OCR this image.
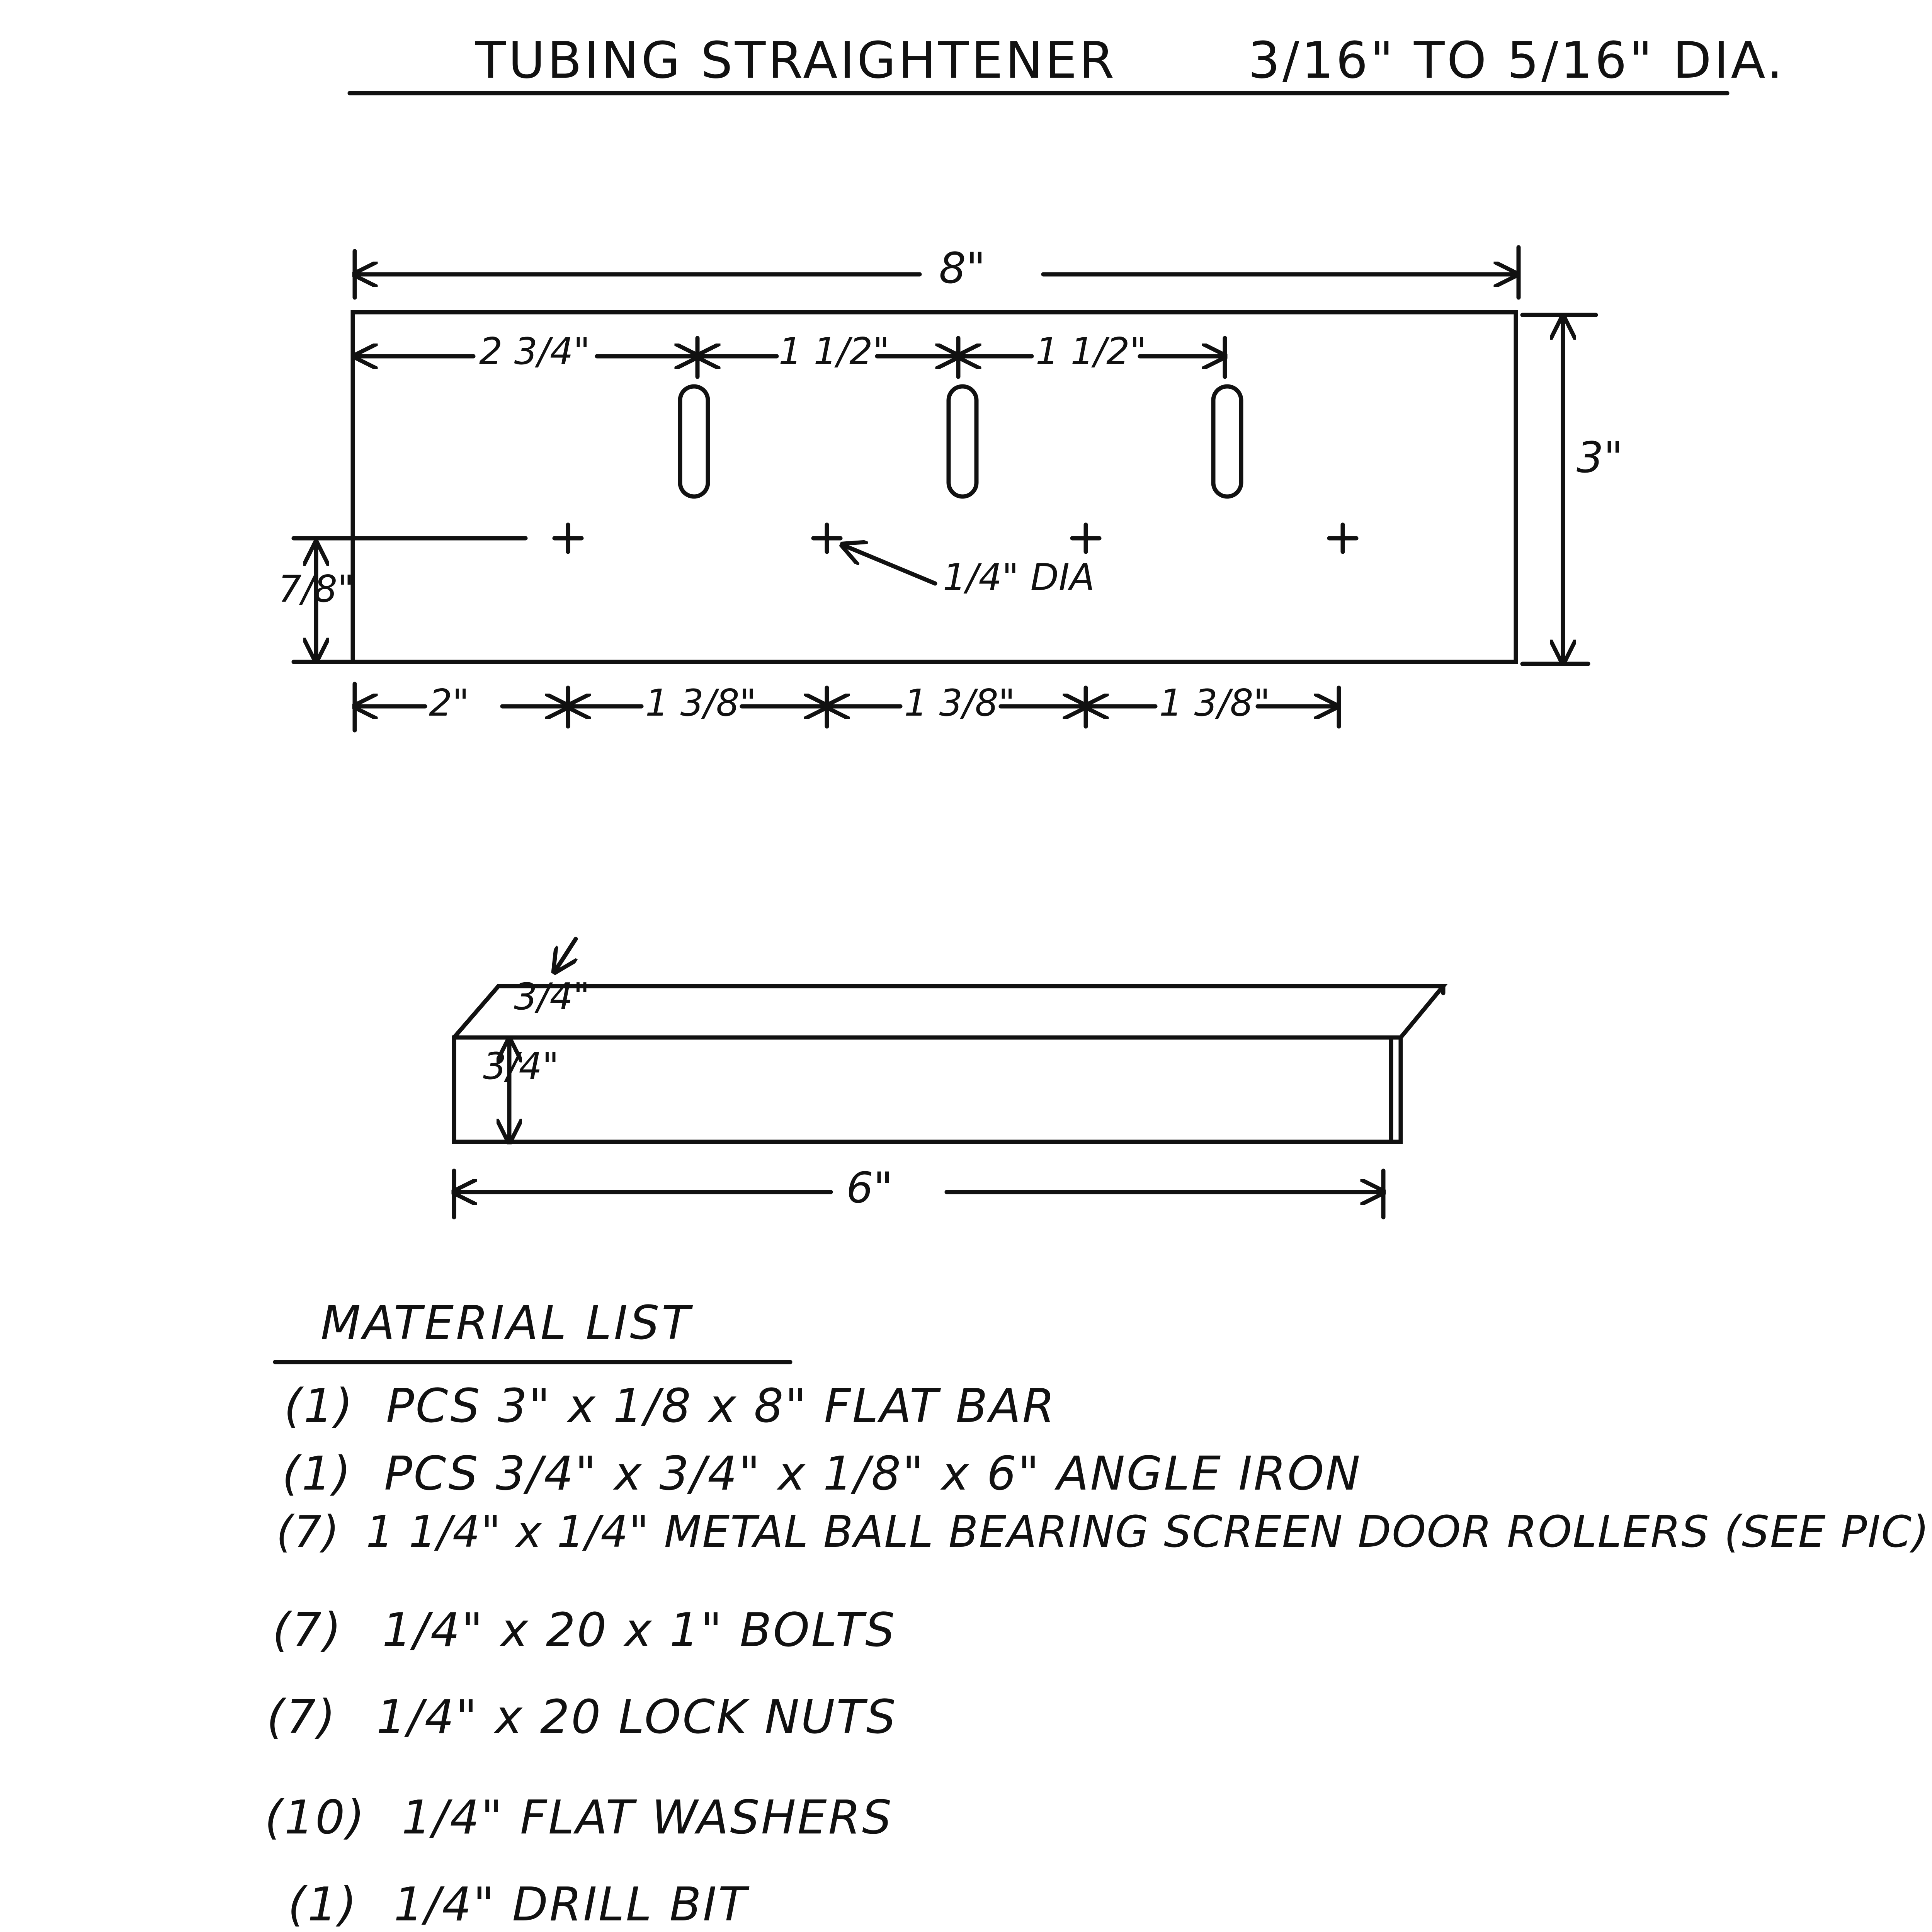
TUBING STRAIGHTENER	3/16" TO 5/16" DIA.
8"
3"
2 3/4"	1 1/2"	1 1/2"
7/8"	1/4" DIA
2"	1 3/8"	1 3/8"	1 3/8"
3/4"
3/4"
6"
MATERIAL LIST
(1) PCS 3" x 1/8 x 8" FLAT BAR
(1) PCS 3/4" x 3/4" x 1/8" x 6" ANGLE IRON
(7) 1 1/4" x 1/4" METAL BALL BEARING SCREEN DOOR ROLLERS (SEE PIC)
(7) 1/4" x 20 x 1" BOLTS
(7) 1/4" x 20 LOCK NUTS
(10) 1/4" FLAT WASHERS
(1) 1/4" DRILL BIT
